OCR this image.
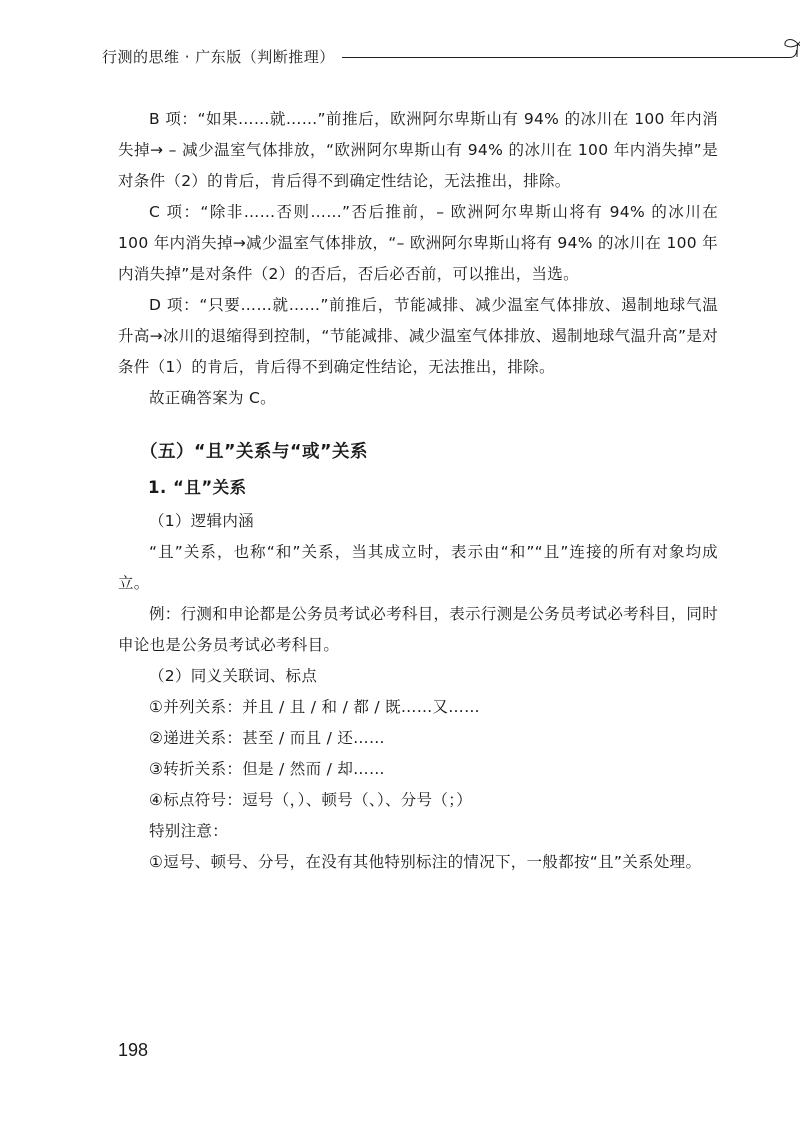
行测的思维 · 广东版（判断推理）

B 项：“如果……就……”前推后，欧洲阿尔卑斯山有 94% 的冰川在 100 年内消失掉→ – 减少温室气体排放，“欧洲阿尔卑斯山有 94% 的冰川在 100 年内消失掉”是对条件（2）的肯后，肯后得不到确定性结论，无法推出，排除。

C 项：“除非……否则……”否后推前，– 欧洲阿尔卑斯山将有 94% 的冰川在 100 年内消失掉→减少温室气体排放，“– 欧洲阿尔卑斯山将有 94% 的冰川在 100 年内消失掉”是对条件（2）的否后，否后必否前，可以推出，当选。

D 项：“只要……就……”前推后，节能减排、减少温室气体排放、遏制地球气温升高→冰川的退缩得到控制，“节能减排、减少温室气体排放、遏制地球气温升高”是对条件（1）的肯后，肯后得不到确定性结论，无法推出，排除。

故正确答案为 C。

（五）“且”关系与“或”关系
1. “且”关系

（1）逻辑内涵

“且”关系，也称“和”关系，当其成立时，表示由“和”“且”连接的所有对象均成立。

例：行测和申论都是公务员考试必考科目，表示行测是公务员考试必考科目，同时申论也是公务员考试必考科目。

（2）同义关联词、标点

①并列关系：并且 / 且 / 和 / 都 / 既……又……

②递进关系：甚至 / 而且 / 还……

③转折关系：但是 / 然而 / 却……

④标点符号：逗号（，）、顿号（、）、分号（；）

特别注意：

①逗号、顿号、分号，在没有其他特别标注的情况下，一般都按“且”关系处理。

198
